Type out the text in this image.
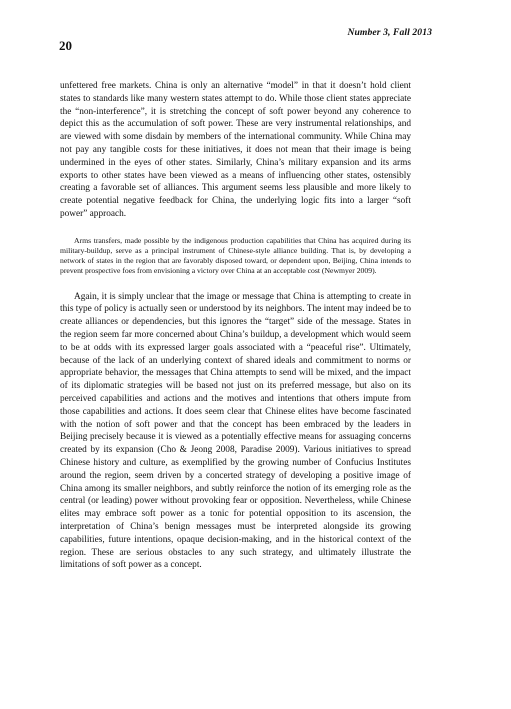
Number 3, Fall 2013
20

unfettered free markets. China is only an alternative “model” in that it doesn’t hold client states to standards like many western states attempt to do. While those client states appreciate the “non-interference”, it is stretching the concept of soft power beyond any coherence to depict this as the accumulation of soft power. These are very instrumental relationships, and are viewed with some disdain by members of the international community. While China may not pay any tangible costs for these initiatives, it does not mean that their image is being undermined in the eyes of other states. Similarly, China’s military expansion and its arms exports to other states have been viewed as a means of influencing other states, ostensibly creating a favorable set of alliances. This argument seems less plausible and more likely to create potential negative feedback for China, the underlying logic fits into a larger “soft power” approach.

Arms transfers, made possible by the indigenous production capabilities that China has acquired during its military-buildup, serve as a principal instrument of Chinese-style alliance building. That is, by developing a network of states in the region that are favorably disposed toward, or dependent upon, Beijing, China intends to prevent prospective foes from envisioning a victory over China at an acceptable cost (Newmyer 2009).

Again, it is simply unclear that the image or message that China is attempting to create in this type of policy is actually seen or understood by its neighbors. The intent may indeed be to create alliances or dependencies, but this ignores the “target” side of the message. States in the region seem far more concerned about China’s buildup, a development which would seem to be at odds with its expressed larger goals associated with a “peaceful rise”. Ultimately, because of the lack of an underlying context of shared ideals and commitment to norms or appropriate behavior, the messages that China attempts to send will be mixed, and the impact of its diplomatic strategies will be based not just on its preferred message, but also on its perceived capabilities and actions and the motives and intentions that others impute from those capabilities and actions. It does seem clear that Chinese elites have become fascinated with the notion of soft power and that the concept has been embraced by the leaders in Beijing precisely because it is viewed as a potentially effective means for assuaging concerns created by its expansion (Cho & Jeong 2008, Paradise 2009). Various initiatives to spread Chinese history and culture, as exemplified by the growing number of Confucius Institutes around the region, seem driven by a concerted strategy of developing a positive image of China among its smaller neighbors, and subtly reinforce the notion of its emerging role as the central (or leading) power without provoking fear or opposition. Nevertheless, while Chinese elites may embrace soft power as a tonic for potential opposition to its ascension, the interpretation of China’s benign messages must be interpreted alongside its growing capabilities, future intentions, opaque decision-making, and in the historical context of the region. These are serious obstacles to any such strategy, and ultimately illustrate the limitations of soft power as a concept.
